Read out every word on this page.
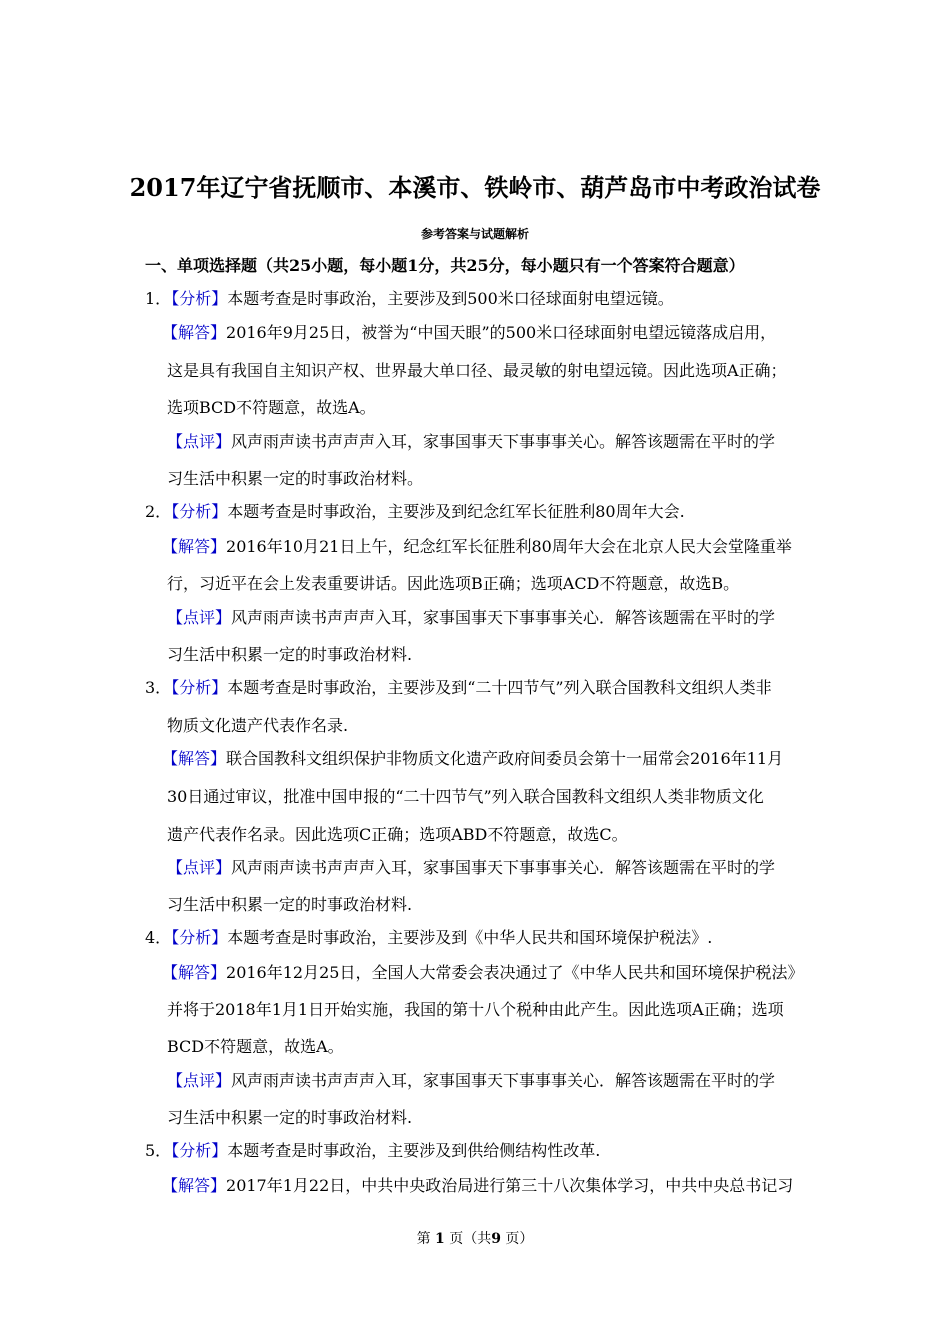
2017年辽宁省抚顺市、本溪市、铁岭市、葫芦岛市中考政治试卷
参考答案与试题解析
一、单项选择题（共25小题，每小题1分，共25分，每小题只有一个答案符合题意）
1．【分析】本题考查是时事政治，主要涉及到500米口径球面射电望远镜。
【解答】2016年9月25日，被誉为“中国天眼”的500米口径球面射电望远镜落成启用，
这是具有我国自主知识产权、世界最大单口径、最灵敏的射电望远镜。因此选项A正确；
选项BCD不符题意，故选A。
【点评】风声雨声读书声声声入耳，家事国事天下事事事关心。解答该题需在平时的学
习生活中积累一定的时事政治材料。
2．【分析】本题考查是时事政治，主要涉及到纪念红军长征胜利80周年大会.
【解答】2016年10月21日上午，纪念红军长征胜利80周年大会在北京人民大会堂隆重举
行，习近平在会上发表重要讲话。因此选项B正确；选项ACD不符题意，故选B。
【点评】风声雨声读书声声声入耳，家事国事天下事事事关心．解答该题需在平时的学
习生活中积累一定的时事政治材料.
3．【分析】本题考查是时事政治，主要涉及到“二十四节气”列入联合国教科文组织人类非
物质文化遗产代表作名录.
【解答】联合国教科文组织保护非物质文化遗产政府间委员会第十一届常会2016年11月
30日通过审议，批准中国申报的“二十四节气”列入联合国教科文组织人类非物质文化
遗产代表作名录。因此选项C正确；选项ABD不符题意，故选C。
【点评】风声雨声读书声声声入耳，家事国事天下事事事关心．解答该题需在平时的学
习生活中积累一定的时事政治材料.
4．【分析】本题考查是时事政治，主要涉及到《中华人民共和国环境保护税法》.
【解答】2016年12月25日，全国人大常委会表决通过了《中华人民共和国环境保护税法》
并将于2018年1月1日开始实施，我国的第十八个税种由此产生。因此选项A正确；选项
BCD不符题意，故选A。
【点评】风声雨声读书声声声入耳，家事国事天下事事事关心．解答该题需在平时的学
习生活中积累一定的时事政治材料.
5．【分析】本题考查是时事政治，主要涉及到供给侧结构性改革.
【解答】2017年1月22日，中共中央政治局进行第三十八次集体学习，中共中央总书记习
第 1 页（共9 页）
